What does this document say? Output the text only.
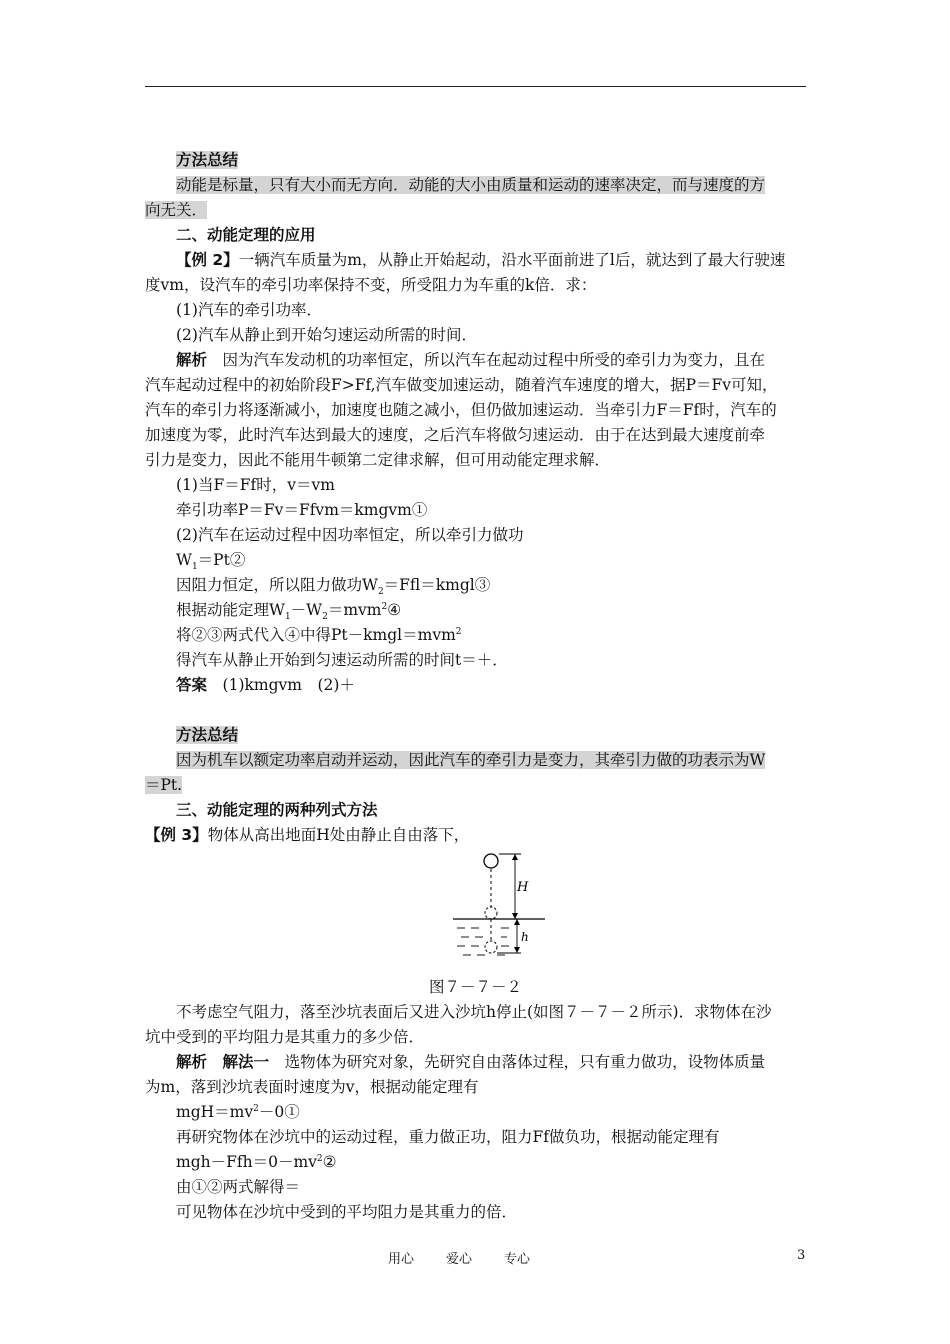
方法总结

动能是标量，只有大小而无方向．动能的大小由质量和运动的速率决定，而与速度的方

向无关．

二、动能定理的应用

【例 2】一辆汽车质量为m，从静止开始起动，沿水平面前进了l后，就达到了最大行驶速

度vm，设汽车的牵引功率保持不变，所受阻力为车重的k倍．求：

(1)汽车的牵引功率．

(2)汽车从静止到开始匀速运动所需的时间．

解析　 因为汽车发动机的功率恒定，所以汽车在起动过程中所受的牵引力为变力，且在

汽车起动过程中的初始阶段F>Ff,汽车做变加速运动，随着汽车速度的增大，据P＝Fv可知，

汽车的牵引力将逐渐减小，加速度也随之减小，但仍做加速运动．当牵引力F＝Ff时，汽车的

加速度为零，此时汽车达到最大的速度，之后汽车将做匀速运动．由于在达到最大速度前牵

引力是变力，因此不能用牛顿第二定律求解，但可用动能定理求解．

(1)当F＝Ff时，v＝vm

牵引功率P＝Fv＝Ffvm＝kmgvm①

(2)汽车在运动过程中因功率恒定，所以牵引力做功

$W_1=Pt②$

因阻力恒定，所以阻力做功$W_2=Ffl=kmgl③$

根据动能定理$W_1-W_2=mvm^2④$

将②③两式代入④中得Pt－kmgl＝mvm$^2$

得汽车从静止开始到匀速运动所需的时间t＝＋．

答案　 (1)kmgvm　(2)＋

方法总结

因为机车以额定功率启动并运动，因此汽车的牵引力是变力，其牵引力做的功表示为W

＝Pt.

三、动能定理的两种列式方法

【例 3】物体从高出地面H处由静止自由落下，

H
h

图７－７－２

不考虑空气阻力，落至沙坑表面后又进入沙坑h停止(如图７－７－２所示)．求物体在沙

坑中受到的平均阻力是其重力的多少倍．

解析　 解法一　 选物体为研究对象，先研究自由落体过程，只有重力做功，设物体质量

为m，落到沙坑表面时速度为v，根据动能定理有

$mgH=mv^2-0①$

再研究物体在沙坑中的运动过程，重力做正功，阻力Ff做负功，根据动能定理有

$mgh-Ffh=0-mv^2②$

由①②两式解得＝

可见物体在沙坑中受到的平均阻力是其重力的倍．

用心 爱心 专心	3
